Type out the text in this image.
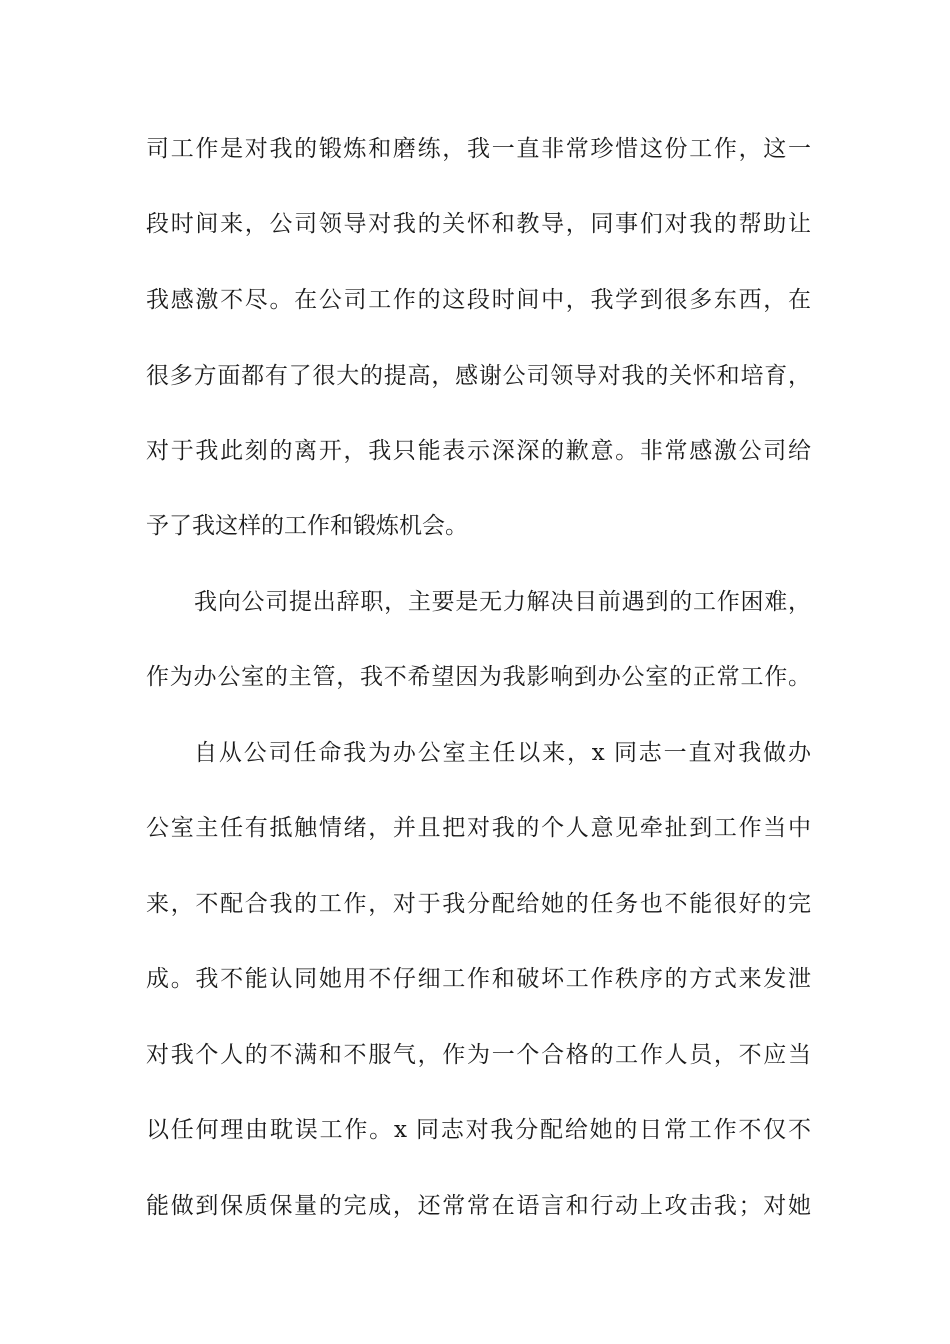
司工作是对我的锻炼和磨练，我一直非常珍惜这份工作，这一
段时间来，公司领导对我的关怀和教导，同事们对我的帮助让
我感激不尽。在公司工作的这段时间中，我学到很多东西，在
很多方面都有了很大的提高，感谢公司领导对我的关怀和培育，
对于我此刻的离开，我只能表示深深的歉意。非常感激公司给
予了我这样的工作和锻炼机会。
我向公司提出辞职，主要是无力解决目前遇到的工作困难，
作为办公室的主管，我不希望因为我影响到办公室的正常工作。
自从公司任命我为办公室主任以来，x 同志一直对我做办
公室主任有抵触情绪，并且把对我的个人意见牵扯到工作当中
来，不配合我的工作，对于我分配给她的任务也不能很好的完
成。我不能认同她用不仔细工作和破坏工作秩序的方式来发泄
对我个人的不满和不服气，作为一个合格的工作人员，不应当
以任何理由耽误工作。x 同志对我分配给她的日常工作不仅不
能做到保质保量的完成，还常常在语言和行动上攻击我；对她
